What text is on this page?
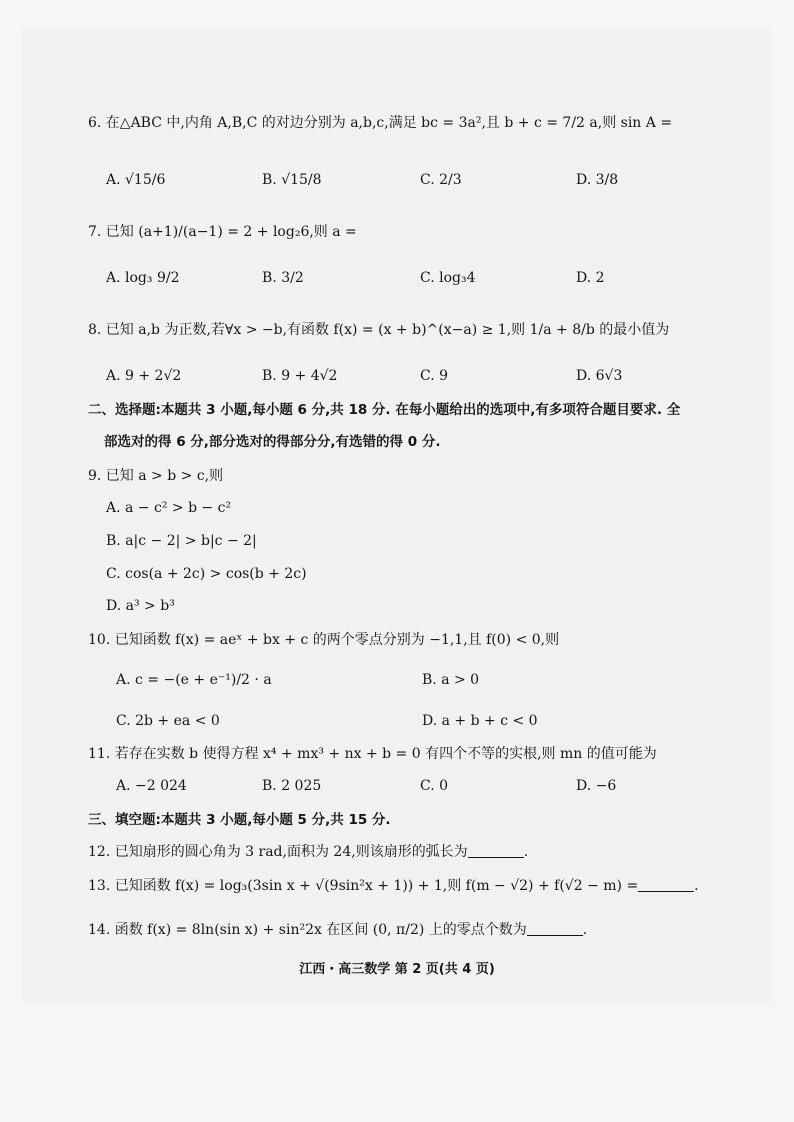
6. 在△ABC 中,内角 A,B,C 的对边分别为 a,b,c,满足 bc = 3a²,且 b + c = 7/2 a,则 sin A =
A. √15/6	B. √15/8	C. 2/3	D. 3/8
7. 已知 (a+1)/(a−1) = 2 + log₂6,则 a =
A. log₃ 9/2	B. 3/2	C. log₃4	D. 2
8. 已知 a,b 为正数,若∀x > −b,有函数 f(x) = (x + b)^(x−a) ≥ 1,则 1/a + 8/b 的最小值为
A. 9 + 2√2	B. 9 + 4√2	C. 9	D. 6√3
二、选择题:本题共 3 小题,每小题 6 分,共 18 分. 在每小题给出的选项中,有多项符合题目要求. 全
部选对的得 6 分,部分选对的得部分分,有选错的得 0 分.
9. 已知 a > b > c,则
A. a − c² > b − c²
B. a|c − 2| > b|c − 2|
C. cos(a + 2c) > cos(b + 2c)
D. a³ > b³
10. 已知函数 f(x) = aeˣ + bx + c 的两个零点分别为 −1,1,且 f(0) < 0,则
A. c = −(e + e⁻¹)/2 · a	B. a > 0
C. 2b + ea < 0	D. a + b + c < 0
11. 若存在实数 b 使得方程 x⁴ + mx³ + nx + b = 0 有四个不等的实根,则 mn 的值可能为
A. −2 024	B. 2 025	C. 0	D. −6
三、填空题:本题共 3 小题,每小题 5 分,共 15 分.
12. 已知扇形的圆心角为 3 rad,面积为 24,则该扇形的弧长为	.
13. 已知函数 f(x) = log₃(3sin x + √(9sin²x + 1)) + 1,则 f(m − √2) + f(√2 − m) =	.
14. 函数 f(x) = 8ln(sin x) + sin²2x 在区间 (0, π/2) 上的零点个数为	.
江西・高三数学 第 2 页(共 4 页)
